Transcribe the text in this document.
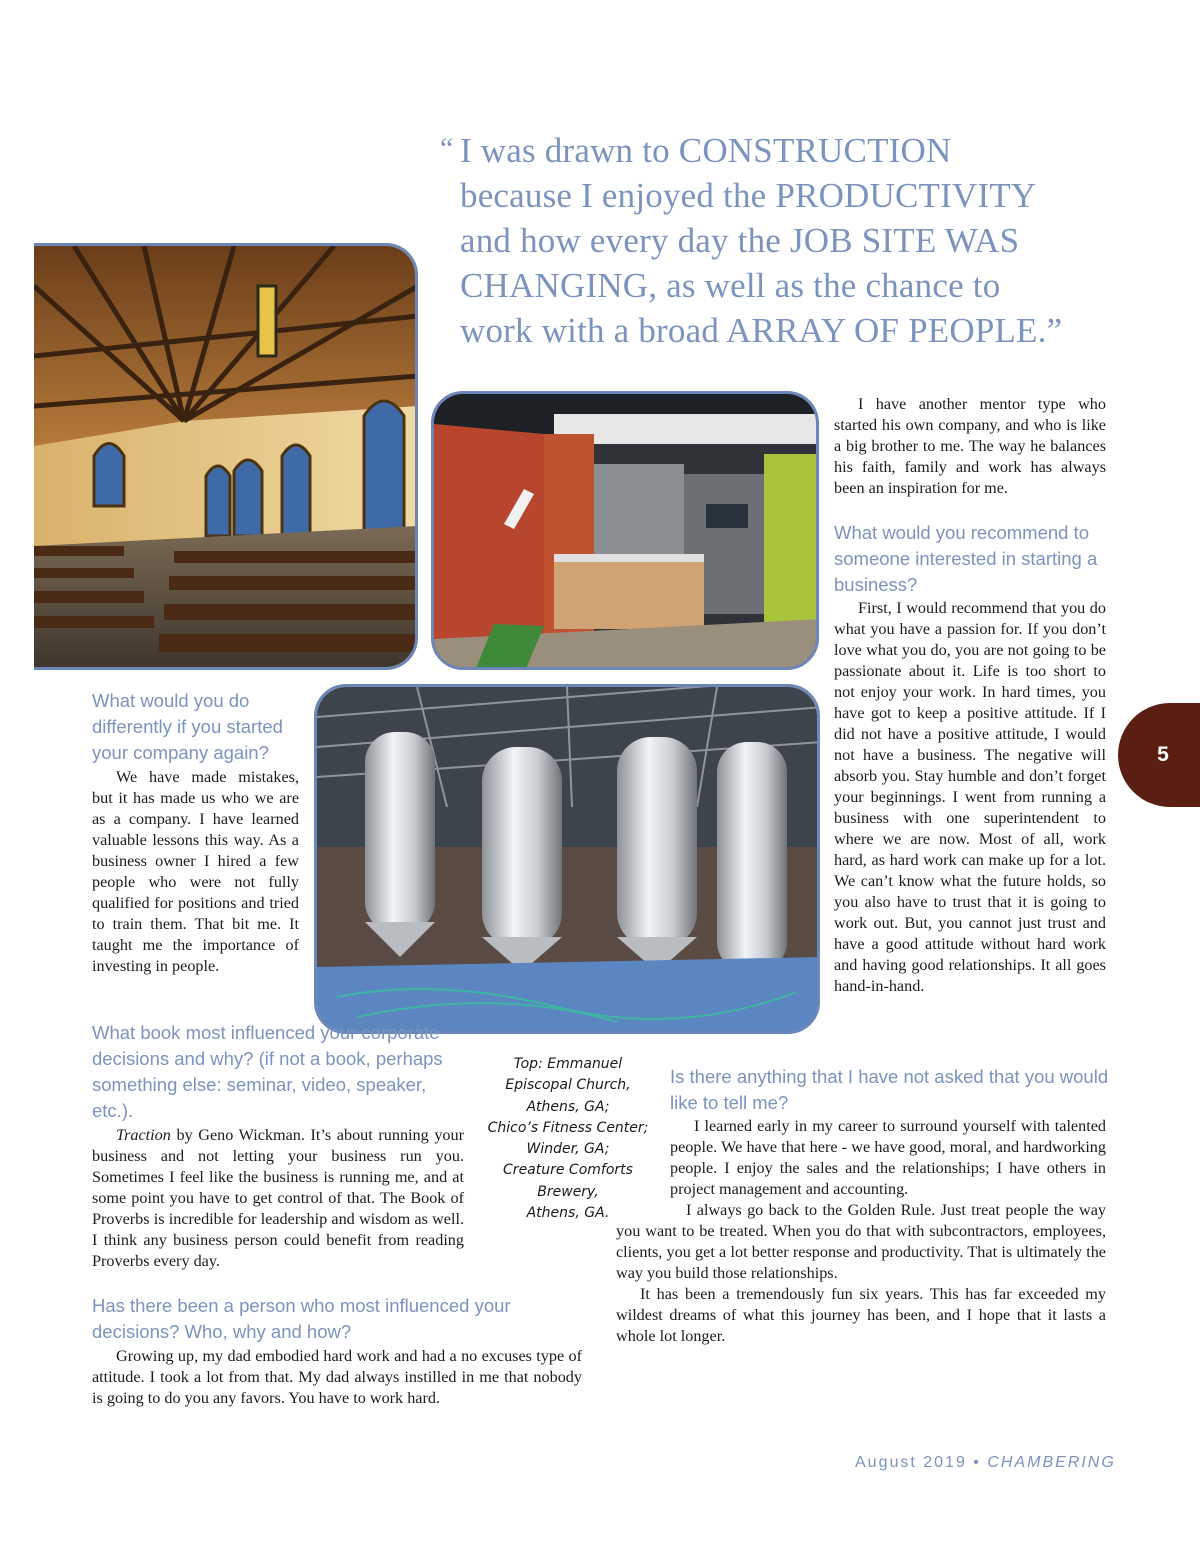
“ I was drawn to CONSTRUCTION
because I enjoyed the PRODUCTIVITY
and how every day the JOB SITE WAS
CHANGING, as well as the chance to
work with a broad ARRAY OF PEOPLE.”

I have another mentor type who started his own company, and who is like a big brother to me. The way he balances his faith, family and work has always been an inspiration for me.

What would you recommend to someone interested in starting a business?

First, I would recommend that you do what you have a passion for. If you don’t love what you do, you are not going to be passionate about it. Life is too short to not enjoy your work. In hard times, you have got to keep a positive attitude. If I did not have a positive attitude, I would not have a business. The negative will absorb you. Stay humble and don’t forget your beginnings. I went from running a business with one superintendent to where we are now. Most of all, work hard, as hard work can make up for a lot. We can’t know what the future holds, so you also have to trust that it is going to work out. But, you cannot just trust and have a good attitude without hard work and having good relationships. It all goes hand-in-hand.

What would you do differently if you started your company again?

We have made mistakes, but it has made us who we are as a company. I have learned valuable lessons this way. As a business owner I hired a few people who were not fully qualified for positions and tried to train them. That bit me. It taught me the importance of investing in people.

What book most influenced your corporate decisions and why? (if not a book, perhaps something else: seminar, video, speaker, etc.).

Traction by Geno Wickman. It’s about running your business and not letting your business run you. Sometimes I feel like the business is running me, and at some point you have to get control of that. The Book of Proverbs is incredible for leadership and wisdom as well. I think any business person could benefit from reading Proverbs every day.

Top: Emmanuel
Episcopal Church,
Athens, GA;
Chico’s Fitness Center;
Winder, GA;
Creature Comforts
Brewery,
Athens, GA.
Is there anything that I have not asked that you would like to tell me?

I learned early in my career to surround yourself with talented people. We have that here - we have good, moral, and hardworking people. I enjoy the sales and the relationships; I have others in project management and accounting.

I always go back to the Golden Rule. Just treat people the way you want to be treated. When you do that with subcontractors, employees, clients, you get a lot better response and productivity. That is ultimately the way you build those relationships.

It has been a tremendously fun six years. This has far exceeded my wildest dreams of what this journey has been, and I hope that it lasts a whole lot longer.

Has there been a person who most influenced your decisions? Who, why and how?

Growing up, my dad embodied hard work and had a no excuses type of attitude. I took a lot from that. My dad always instilled in me that nobody is going to do you any favors. You have to work hard.

5
August 2019 • CHAMBERING
